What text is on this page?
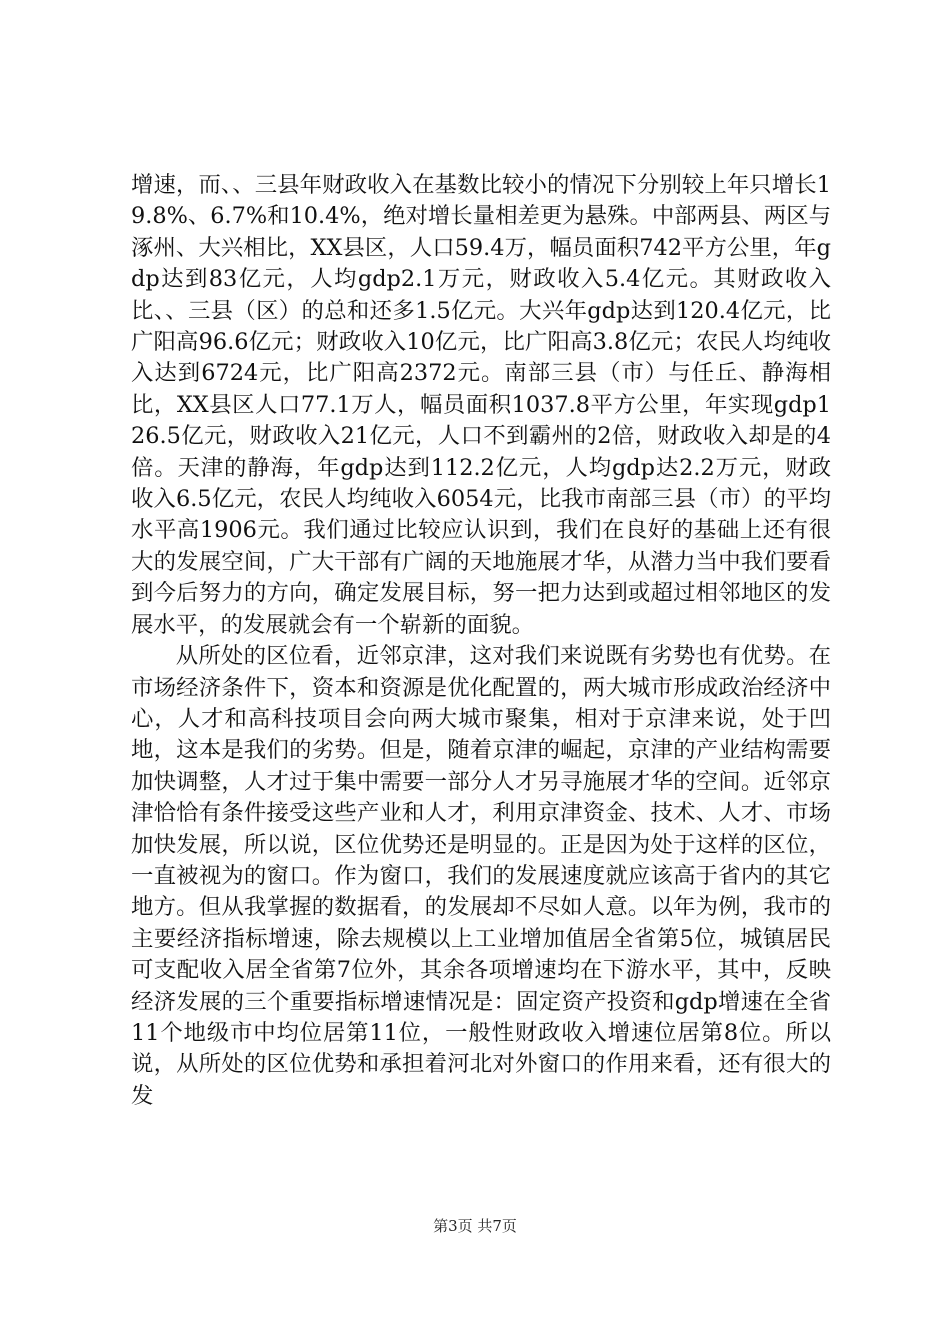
增速，而、、三县年财政收入在基数比较小的情况下分别较上年只增长19.8%、6.7%和10.4%，绝对增长量相差更为悬殊。中部两县、两区与涿州、大兴相比，XX县区，人口59.4万，幅员面积742平方公里，年gdp达到83亿元，人均gdp2.1万元，财政收入5.4亿元。其财政收入比、、三县（区）的总和还多1.5亿元。大兴年gdp达到120.4亿元，比广阳高96.6亿元；财政收入10亿元，比广阳高3.8亿元；农民人均纯收入达到6724元，比广阳高2372元。南部三县（市）与任丘、静海相比，XX县区人口77.1万人，幅员面积1037.8平方公里，年实现gdp126.5亿元，财政收入21亿元，人口不到霸州的2倍，财政收入却是的4倍。天津的静海，年gdp达到112.2亿元，人均gdp达2.2万元，财政收入6.5亿元，农民人均纯收入6054元，比我市南部三县（市）的平均水平高1906元。我们通过比较应认识到，我们在良好的基础上还有很大的发展空间，广大干部有广阔的天地施展才华，从潜力当中我们要看到今后努力的方向，确定发展目标，努一把力达到或超过相邻地区的发展水平，的发展就会有一个崭新的面貌。

从所处的区位看，近邻京津，这对我们来说既有劣势也有优势。在市场经济条件下，资本和资源是优化配置的，两大城市形成政治经济中心，人才和高科技项目会向两大城市聚集，相对于京津来说，处于凹地，这本是我们的劣势。但是，随着京津的崛起，京津的产业结构需要加快调整，人才过于集中需要一部分人才另寻施展才华的空间。近邻京津恰恰有条件接受这些产业和人才，利用京津资金、技术、人才、市场加快发展，所以说，区位优势还是明显的。正是因为处于这样的区位，一直被视为的窗口。作为窗口，我们的发展速度就应该高于省内的其它地方。但从我掌握的数据看，的发展却不尽如人意。以年为例，我市的主要经济指标增速，除去规模以上工业增加值居全省第5位，城镇居民可支配收入居全省第7位外，其余各项增速均在下游水平，其中，反映经济发展的三个重要指标增速情况是：固定资产投资和gdp增速在全省11个地级市中均位居第11位，一般性财政收入增速位居第8位。所以说，从所处的区位优势和承担着河北对外窗口的作用来看，还有很大的发

第3页 共7页
